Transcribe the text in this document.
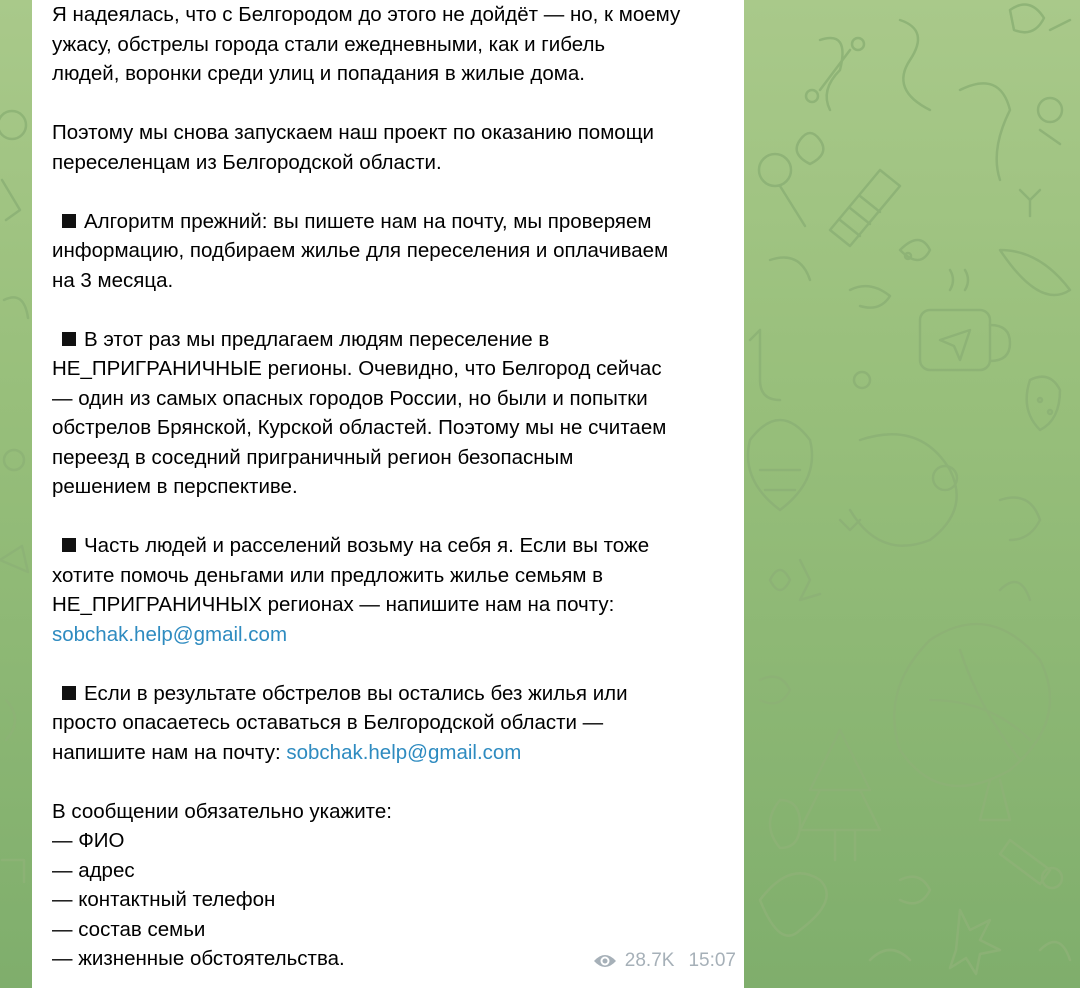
Я надеялась, что с Белгородом до этого не дойдёт — но, к моему
ужасу, обстрелы города стали ежедневными, как и гибель
людей, воронки среди улиц и попадания в жилые дома.

Поэтому мы снова запускаем наш проект по оказанию помощи
переселенцам из Белгородской области.

Алгоритм прежний: вы пишете нам на почту, мы проверяем
информацию, подбираем жилье для переселения и оплачиваем
на 3 месяца.

В этот раз мы предлагаем людям переселение в
НЕ_ПРИГРАНИЧНЫЕ регионы. Очевидно, что Белгород сейчас
— один из самых опасных городов России, но были и попытки
обстрелов Брянской, Курской областей. Поэтому мы не считаем
переезд в соседний приграничный регион безопасным
решением в перспективе.

Часть людей и расселений возьму на себя я. Если вы тоже
хотите помочь деньгами или предложить жилье семьям в
НЕ_ПРИГРАНИЧНЫХ регионах — напишите нам на почту:
sobchak.help@gmail.com

Если в результате обстрелов вы остались без жилья или
просто опасаетесь оставаться в Белгородской области —
напишите нам на почту: sobchak.help@gmail.com

В сообщении обязательно укажите:
— ФИО
— адрес
— контактный телефон
— состав семьи
— жизненные обстоятельства.	28.7K 15:07
